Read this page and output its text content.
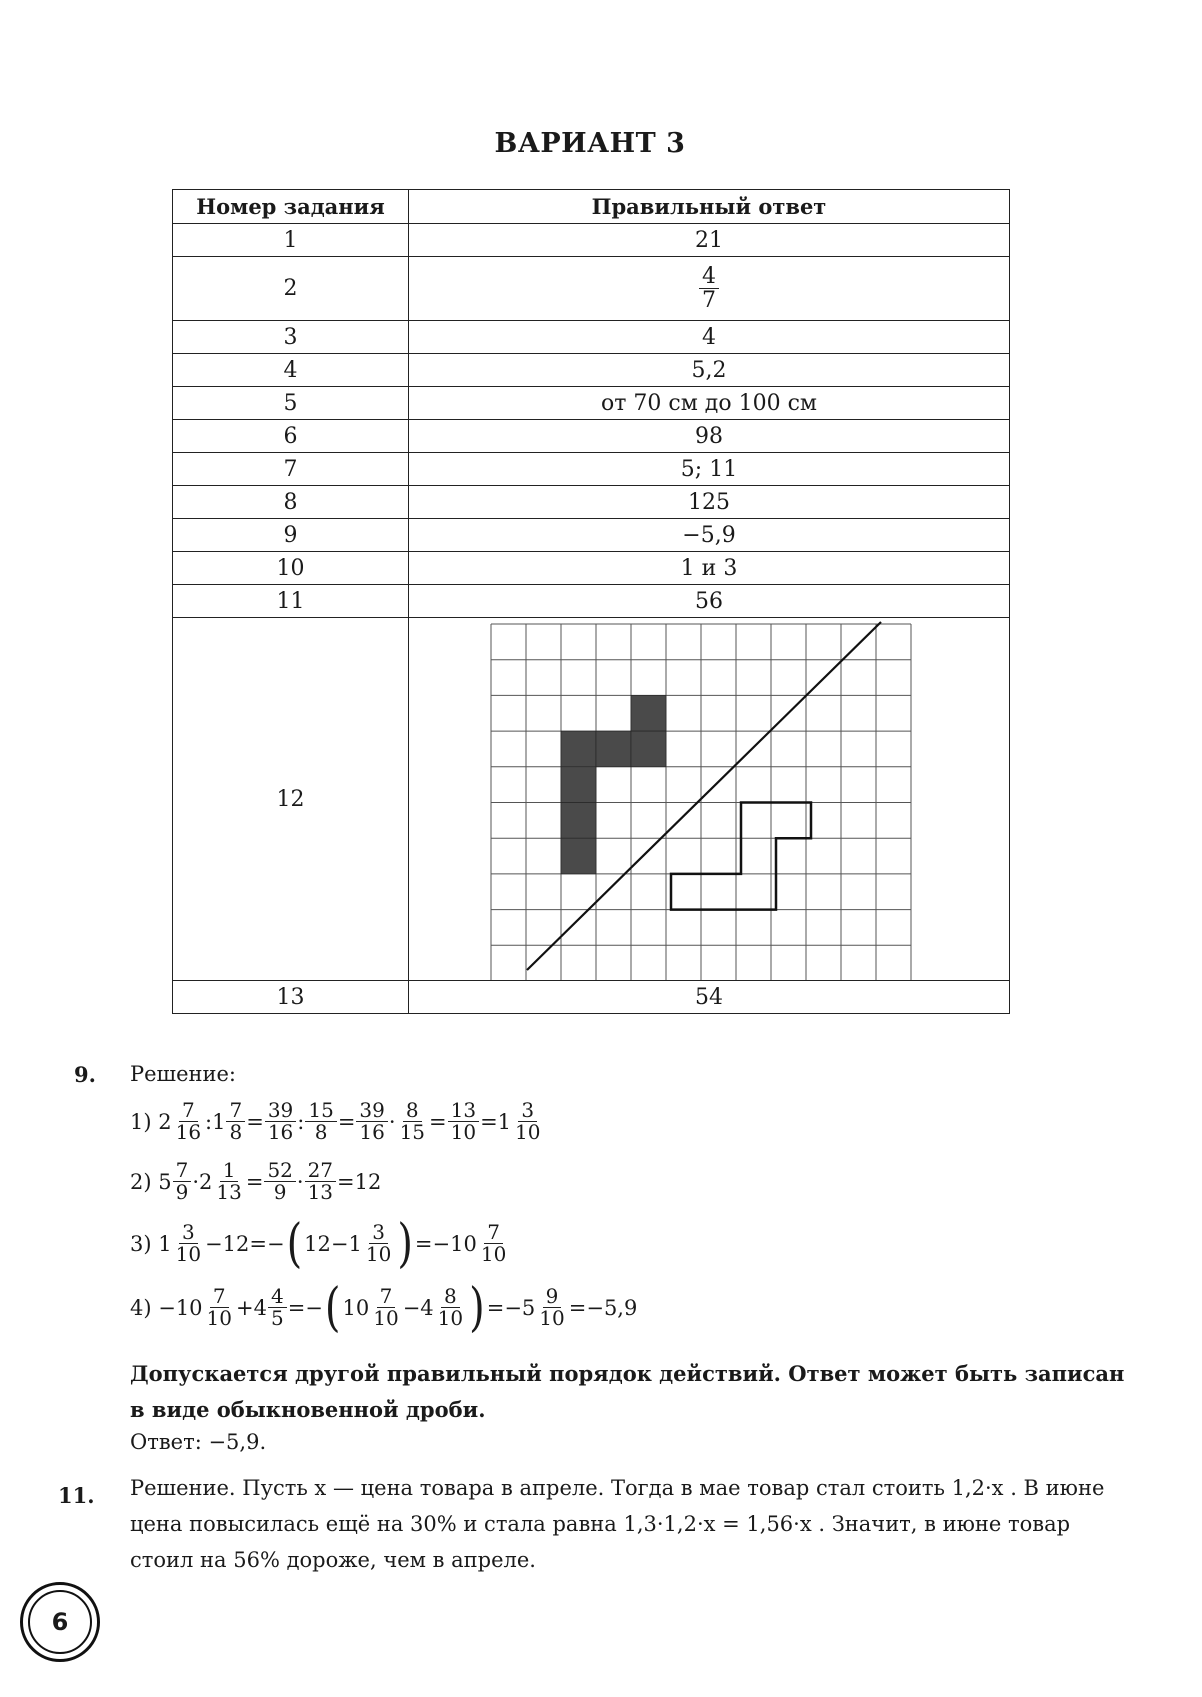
ВАРИАНТ 3
Номер задания	Правильный ответ
1	21
2	$\frac{4}{7}$

3	4
4	5,2
5	от 70 см до 100 см
6	98
7	5; 11
8	125
9	−5,9
10	1 и 3
11	56
12	

13	54
9. Решение:
1) $2 \frac{7}{16}$ :1 $\frac{7}{8} = \frac{39}{16}$ : $\frac{15}{8} = \frac{39}{16} \cdot \frac{8}{15} = \frac{13}{10} =1 \frac{3}{10}$
2) $5 \frac{7}{9} \cdot 2 \frac{1}{13} = \frac{52}{9} \cdot \frac{27}{13} =12$
3) $1 \frac{3}{10} -12=-$ ( $12-1 \frac{3}{10}$ ) $=-10 \frac{7}{10}$
$4) -10 \frac{7}{10} +4 \frac{4}{5}$ =− ( $10 \frac{7}{10} -4 \frac{8}{10}$ ) $=-5 \frac{9}{10} =-5,9$
Допускается другой правильный порядок действий. Ответ может быть записан в виде обыкновенной дроби.
Ответ: −5,9.
11. Решение. Пусть x — цена товара в апреле. Тогда в мае товар стал стоить 1,2·x . В июне цена повысилась ещё на 30% и стала равна 1,3·1,2·x = 1,56·x . Значит, в июне товар стоил на 56% дороже, чем в апреле.
6
